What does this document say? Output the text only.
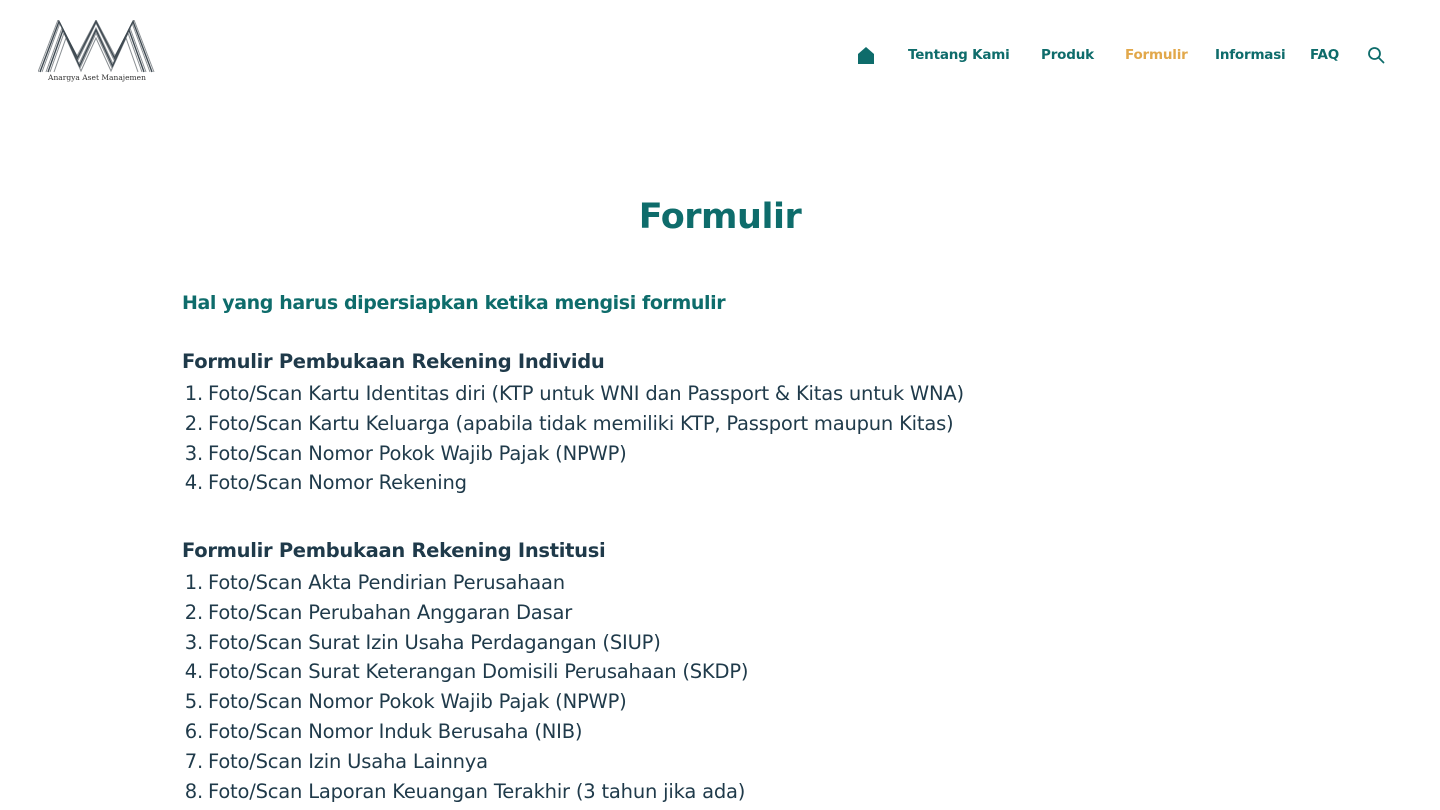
Anargya Aset Manajemen
Tentang Kami Produk Formulir Informasi FAQ
Formulir
Hal yang harus dipersiapkan ketika mengisi formulir
Formulir Pembukaan Rekening Individu
1. Foto/Scan Kartu Identitas diri (KTP untuk WNI dan Passport & Kitas untuk WNA)
2. Foto/Scan Kartu Keluarga (apabila tidak memiliki KTP, Passport maupun Kitas)
3. Foto/Scan Nomor Pokok Wajib Pajak (NPWP)
4. Foto/Scan Nomor Rekening
Formulir Pembukaan Rekening Institusi
1. Foto/Scan Akta Pendirian Perusahaan
2. Foto/Scan Perubahan Anggaran Dasar
3. Foto/Scan Surat Izin Usaha Perdagangan (SIUP)
4. Foto/Scan Surat Keterangan Domisili Perusahaan (SKDP)
5. Foto/Scan Nomor Pokok Wajib Pajak (NPWP)
6. Foto/Scan Nomor Induk Berusaha (NIB)
7. Foto/Scan Izin Usaha Lainnya
8. Foto/Scan Laporan Keuangan Terakhir (3 tahun jika ada)
